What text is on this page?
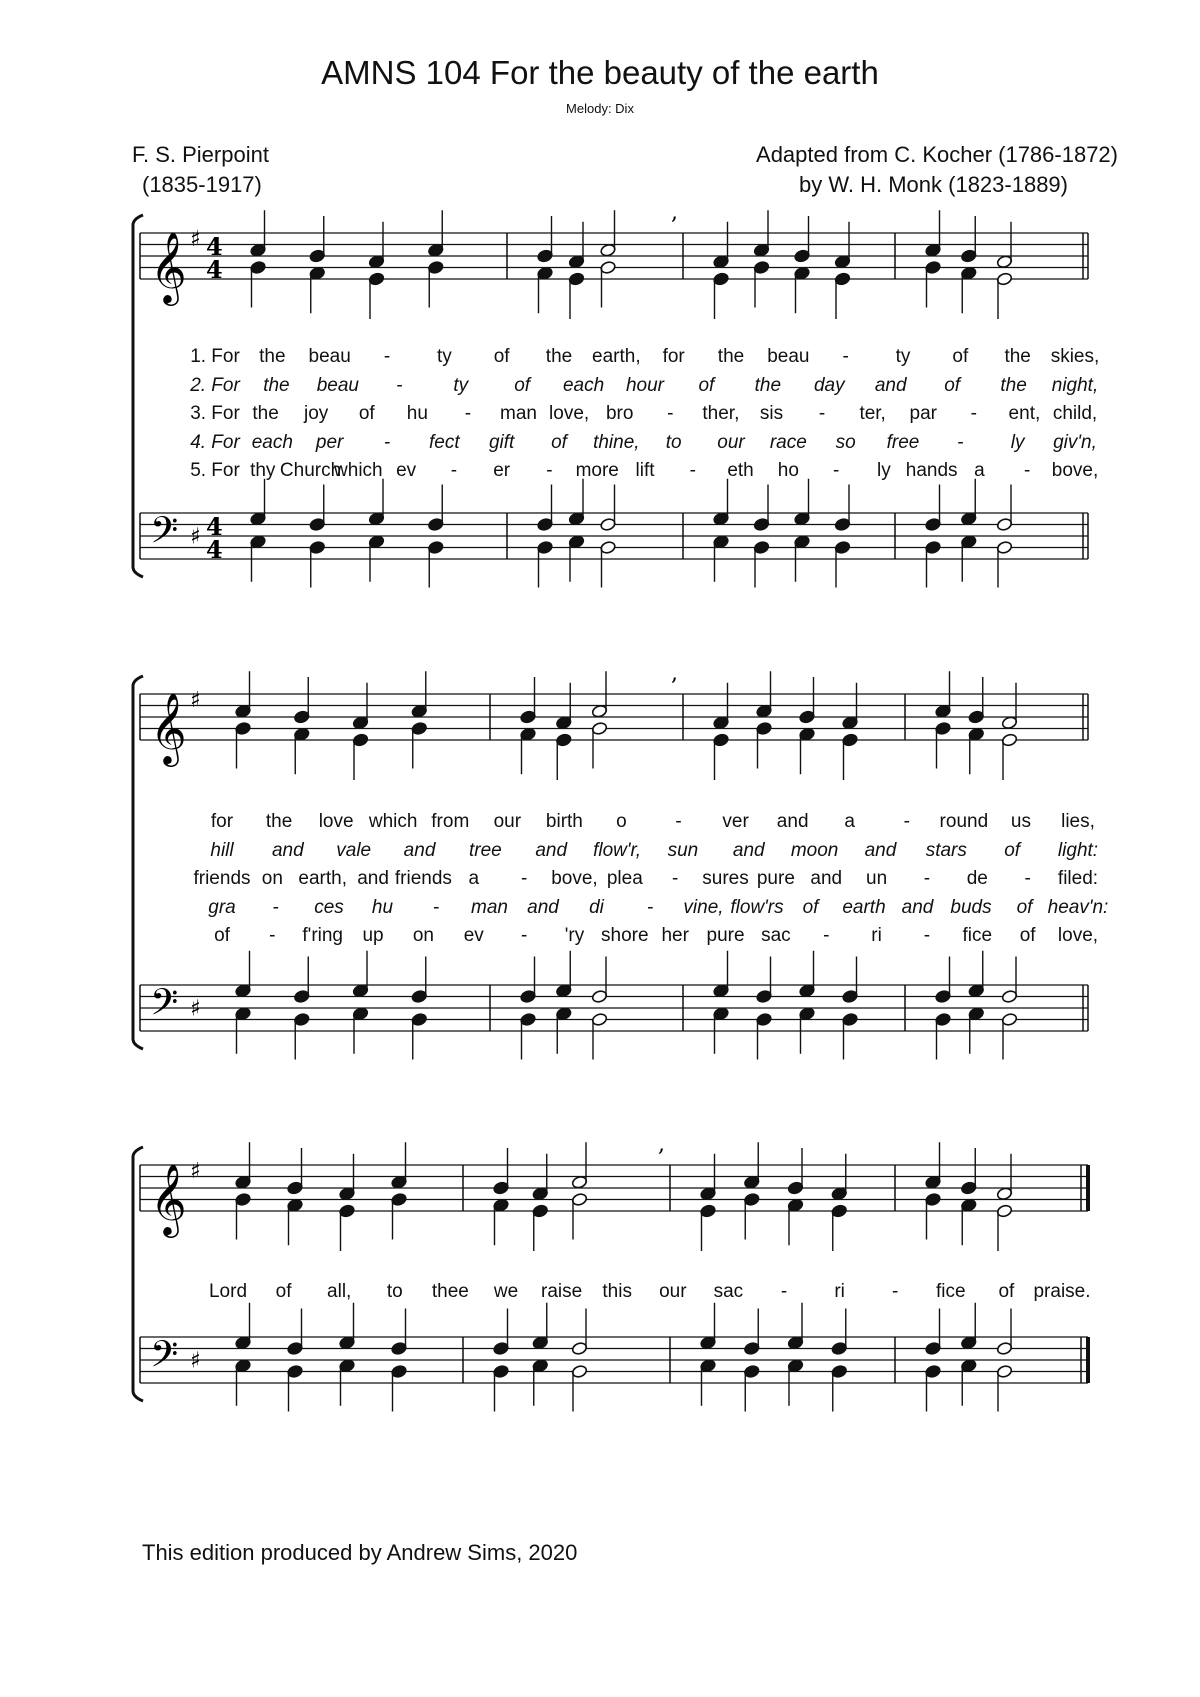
AMNS 104 For the beauty of the earth
Melody: Dix
F. S. Pierpoint
(1835-1917)
Adapted from C. Kocher (1786-1872)
by W. H. Monk (1823-1889)
𝄞
𝄢
♯
♯
4
4
4
4
,
𝄞
𝄢
♯
♯
,
𝄞
𝄢
♯
♯
,
1. For the beau - ty of the earth, for the beau - ty of the skies,
2. For the beau -	ty of each hour of the day and of the night,
3. For the joy of hu - man love, bro - ther, sis - ter, par - ent, child,
4. For each per - fect gift of thine, to our race so free - ly giv'n,
5. For thy Church
which ev - er - more lift - eth ho - ly hands a - bove,
for the love which from our birth o	- ver and a	- round us lies,
hill and vale and tree and flow'r, sun and moon and stars of light:
friends on earth, and friends a - bove, plea - sures pure and un - de - filed:
gra - ces hu - man and di - vine, flow'rs of earth and buds of heav'n:
of - f'ring up on ev - 'ry shore her pure sac - ri - fice of love,
Lord of all, to thee we raise this our sac - ri - fice of praise.
This edition produced by Andrew Sims, 2020
